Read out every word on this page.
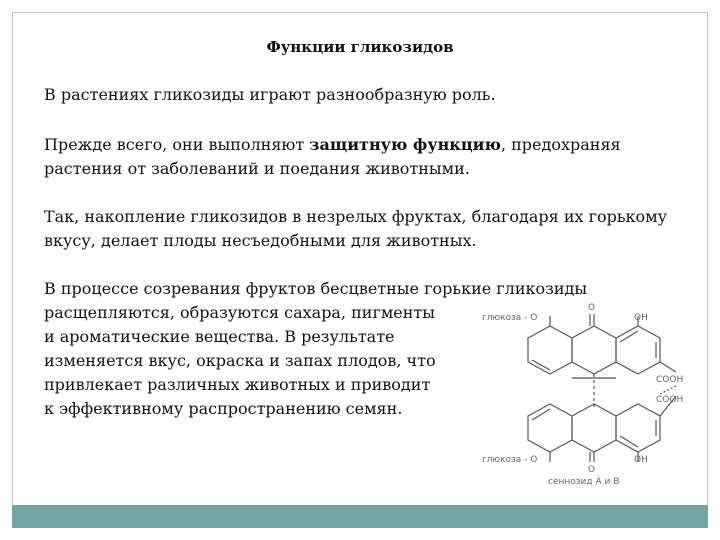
Функции гликозидов

В растениях гликозиды играют разнообразную роль.

Прежде всего, они выполняют защитную функцию, предохраняя растения от заболеваний и поедания животными.

Так, накопление гликозидов в незрелых фруктах, благодаря их горькому вкусу, делает плоды несъедобными для животных.

В процессе созревания фруктов бесцветные горькие гликозиды
расщепляются, образуются сахара, пигменты
и ароматические вещества. В результате
изменяется вкус, окраска и запах плодов, что
привлекает различных животных и приводит
к эффективному распространению семян.
глюкоза - О
О
ОН
СООН
СООН
О
глюкоза - О	ОН
сеннозид А и В
